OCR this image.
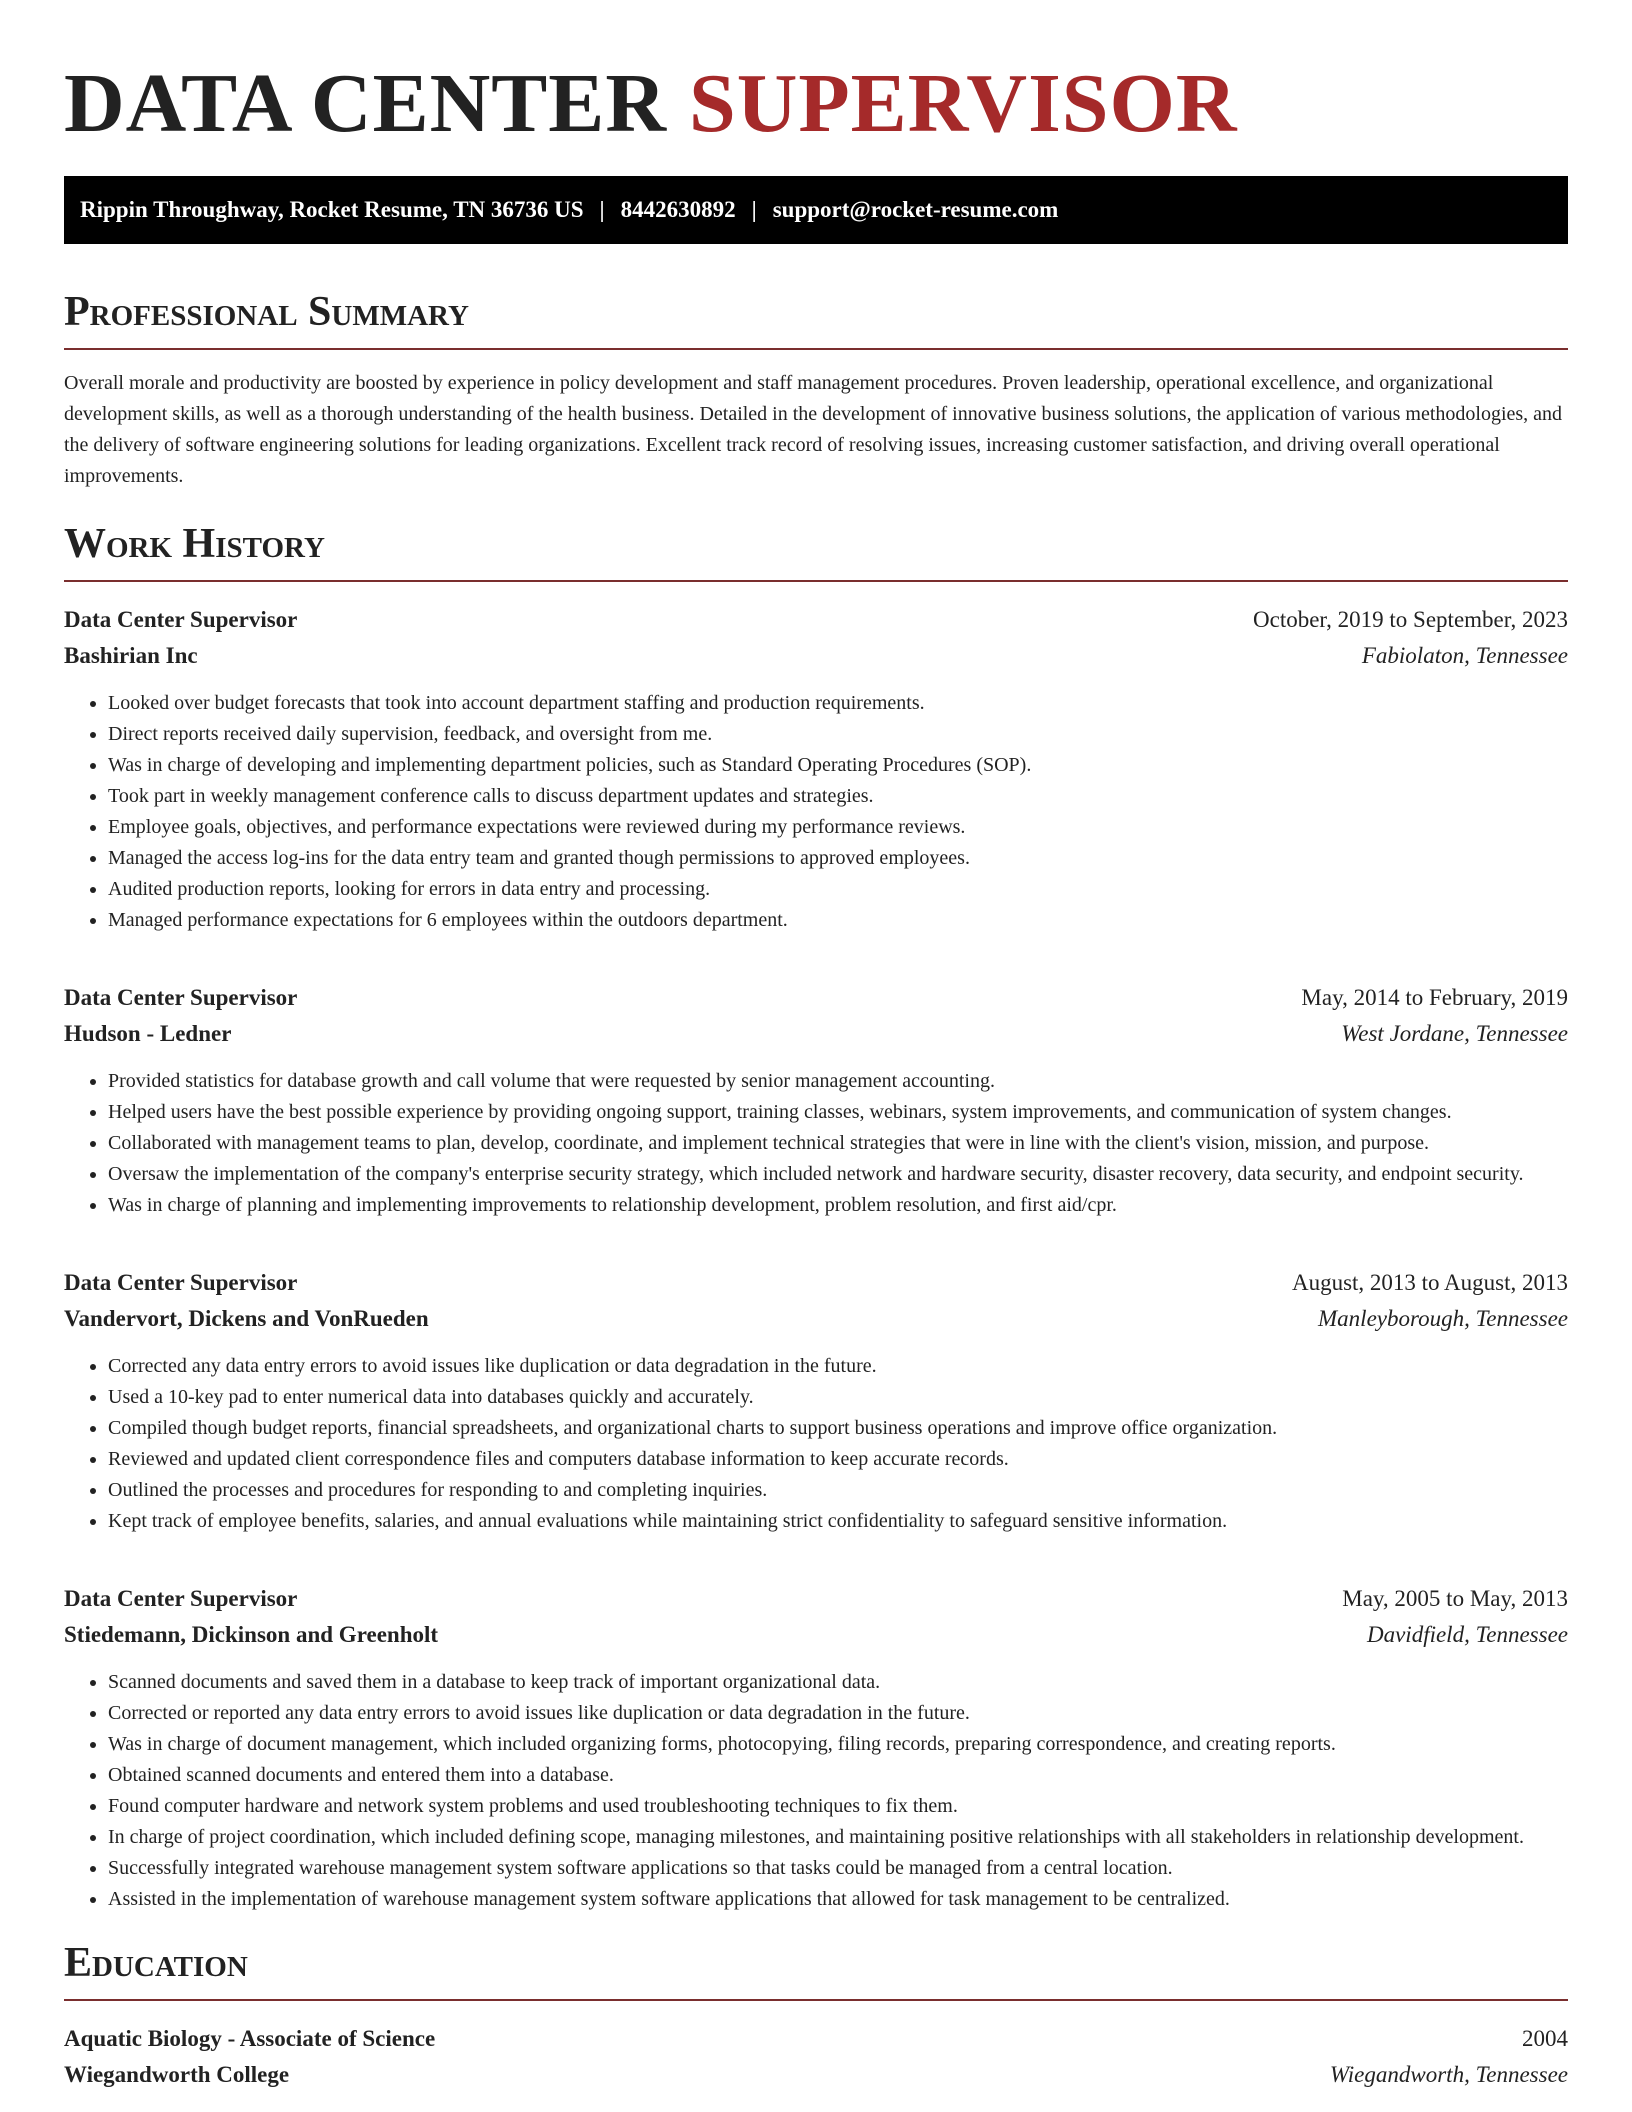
DATA CENTER SUPERVISOR
Rippin Throughway, Rocket Resume, TN 36736 US | 8442630892 | support@rocket-resume.com
Professional Summary

Overall morale and productivity are boosted by experience in policy development and staff management procedures. Proven leadership, operational excellence, and organizational development skills, as well as a thorough understanding of the health business. Detailed in the development of innovative business solutions, the application of various methodologies, and the delivery of software engineering solutions for leading organizations. Excellent track record of resolving issues, increasing customer satisfaction, and driving overall operational improvements.

Work History
Data Center Supervisor	October, 2019 to September, 2023
Bashirian Inc	Fabiolaton, Tennessee
• Looked over budget forecasts that took into account department staffing and production requirements.
• Direct reports received daily supervision, feedback, and oversight from me.
• Was in charge of developing and implementing department policies, such as Standard Operating Procedures (SOP).
• Took part in weekly management conference calls to discuss department updates and strategies.
• Employee goals, objectives, and performance expectations were reviewed during my performance reviews.
• Managed the access log-ins for the data entry team and granted though permissions to approved employees.
• Audited production reports, looking for errors in data entry and processing.
• Managed performance expectations for 6 employees within the outdoors department.
Data Center Supervisor	May, 2014 to February, 2019
Hudson - Ledner	West Jordane, Tennessee
• Provided statistics for database growth and call volume that were requested by senior management accounting.
• Helped users have the best possible experience by providing ongoing support, training classes, webinars, system improvements, and communication of system changes.
• Collaborated with management teams to plan, develop, coordinate, and implement technical strategies that were in line with the client's vision, mission, and purpose.
• Oversaw the implementation of the company's enterprise security strategy, which included network and hardware security, disaster recovery, data security, and endpoint security.
• Was in charge of planning and implementing improvements to relationship development, problem resolution, and first aid/cpr.
Data Center Supervisor	August, 2013 to August, 2013
Vandervort, Dickens and VonRueden	Manleyborough, Tennessee
• Corrected any data entry errors to avoid issues like duplication or data degradation in the future.
• Used a 10-key pad to enter numerical data into databases quickly and accurately.
• Compiled though budget reports, financial spreadsheets, and organizational charts to support business operations and improve office organization.
• Reviewed and updated client correspondence files and computers database information to keep accurate records.
• Outlined the processes and procedures for responding to and completing inquiries.
• Kept track of employee benefits, salaries, and annual evaluations while maintaining strict confidentiality to safeguard sensitive information.
Data Center Supervisor	May, 2005 to May, 2013
Stiedemann, Dickinson and Greenholt	Davidfield, Tennessee
• Scanned documents and saved them in a database to keep track of important organizational data.
• Corrected or reported any data entry errors to avoid issues like duplication or data degradation in the future.
• Was in charge of document management, which included organizing forms, photocopying, filing records, preparing correspondence, and creating reports.
• Obtained scanned documents and entered them into a database.
• Found computer hardware and network system problems and used troubleshooting techniques to fix them.
• In charge of project coordination, which included defining scope, managing milestones, and maintaining positive relationships with all stakeholders in relationship development.
• Successfully integrated warehouse management system software applications so that tasks could be managed from a central location.
• Assisted in the implementation of warehouse management system software applications that allowed for task management to be centralized.
Education
Aquatic Biology - Associate of Science	2004
Wiegandworth College	Wiegandworth, Tennessee
